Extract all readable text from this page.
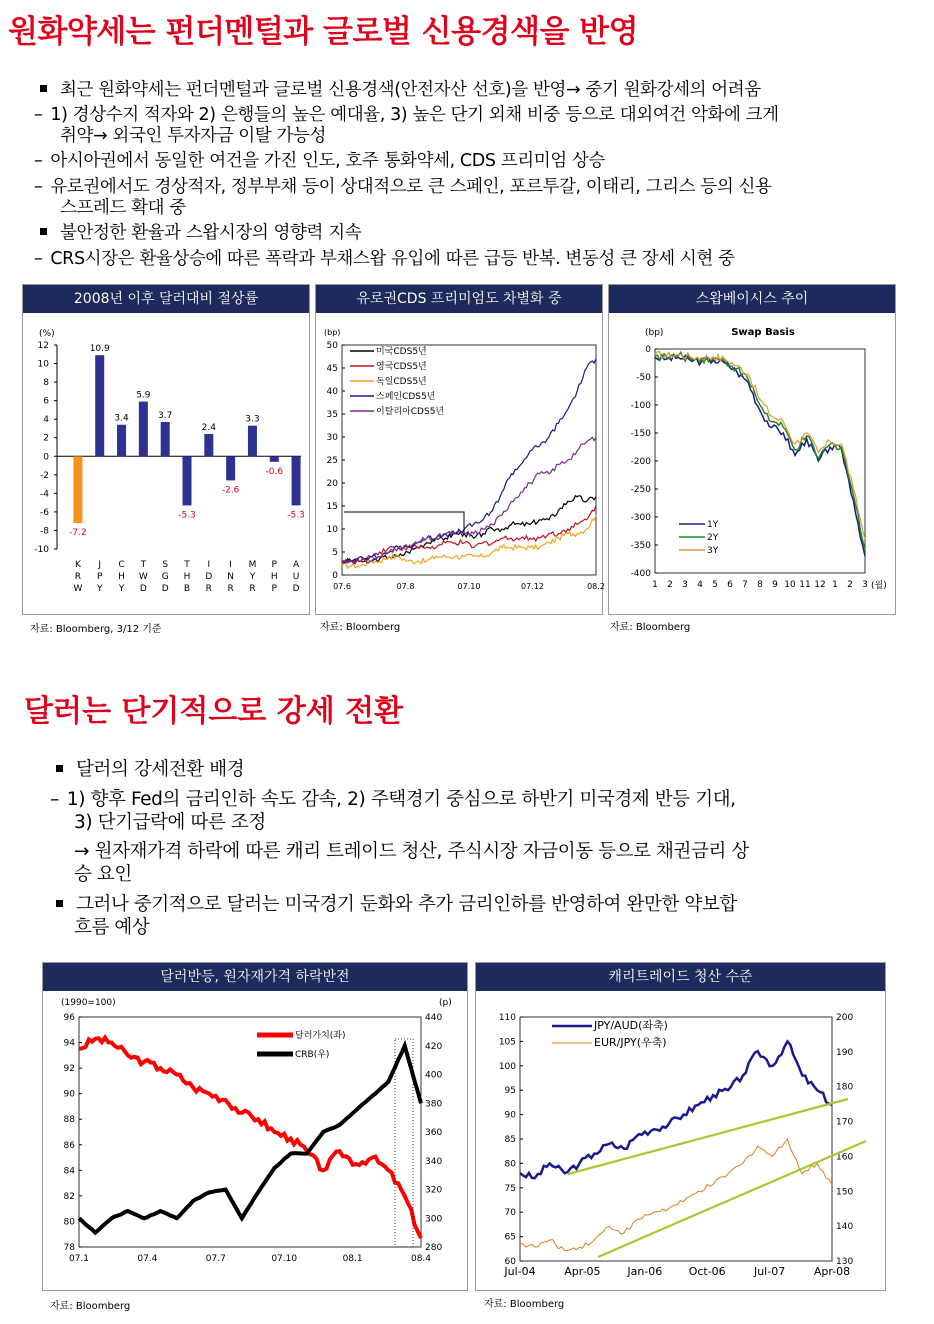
원화약세는 펀더멘털과 글로벌 신용경색을 반영
최근 원화약세는 펀더멘털과 글로벌 신용경색(안전자산 선호)을 반영→ 중기 원화강세의 어려움
– 1) 경상수지 적자와 2) 은행들의 높은 예대율, 3) 높은 단기 외채 비중 등으로 대외여건 악화에 크게
취약→ 외국인 투자자금 이탈 가능성
– 아시아권에서 동일한 여건을 가진 인도, 호주 통화약세, CDS 프리미엄 상승
– 유로권에서도 경상적자, 정부부채 등이 상대적으로 큰 스페인, 포르투갈, 이태리, 그리스 등의 신용
스프레드 확대 중
불안정한 환율과 스왑시장의 영향력 지속
– CRS시장은 환율상승에 따른 폭락과 부채스왑 유입에 따른 급등 반복. 변동성 큰 장세 시현 중
2008년 이후 달러대비 절상률
(%)
12
10
8
6
4
2
0
-2
-4
-6
-8
-10
-7.2
K
R
W
10.9
J
P
Y
3.4
C
H
Y
5.9
T
W
D
3.7
S
G
D
-5.3
T
H
B
2.4
I
D
R
-2.6
I
N
R
3.3
M
Y
R
-0.6
P
H
P
-5.3
A
U
D
자료: Bloomberg, 3/12 기준
유로권CDS 프리미엄도 차별화 중
50
45
40
35
30
25
20
15
10
5
0
07.6	07.8	07.10	07.12	08.2
(bp)
미국CDS5년
영국CDS5년
독일CDS5년
스페인CDS5년
이탈리아CDS5년
자료: Bloomberg
스왑베이시스 추이
0
-50
-100
-150
-200
-250
-300
-350
-400
1 2 3 4 5 6 7 8 9 10 11 12 1 2 3
(bp)	Swap Basis
(월)
1Y
2Y
3Y
자료: Bloomberg
달러는 단기적으로 강세 전환
달러의 강세전환 배경
– 1) 향후 Fed의 금리인하 속도 감속, 2) 주택경기 중심으로 하반기 미국경제 반등 기대,
3) 단기급락에 따른 조정
→ 원자재가격 하락에 따른 캐리 트레이드 청산, 주식시장 자금이동 등으로 채권금리 상
승 요인
그러나 중기적으로 달러는 미국경기 둔화와 추가 금리인하를 반영하여 완만한 약보합
흐름 예상
달러반등, 원자재가격 하락반전
96
94
92
90
88
86
84
82
80
78
440
420
400
380
360
340
320
300
280
07.1	07.4	07.7	07.10	08.1	08.4
(1990=100)	(p)
달러가치(좌)
CRB(우)
자료: Bloomberg
캐리트레이드 청산 수준
110
105
100
95
90
85
80
75
70
65
60
200
190
180
170
160
150
140
130
Jul-04	Apr-05 Jan-06 Oct-06	Jul-07	Apr-08
JPY/AUD(좌축)
EUR/JPY(우축)
자료: Bloomberg
